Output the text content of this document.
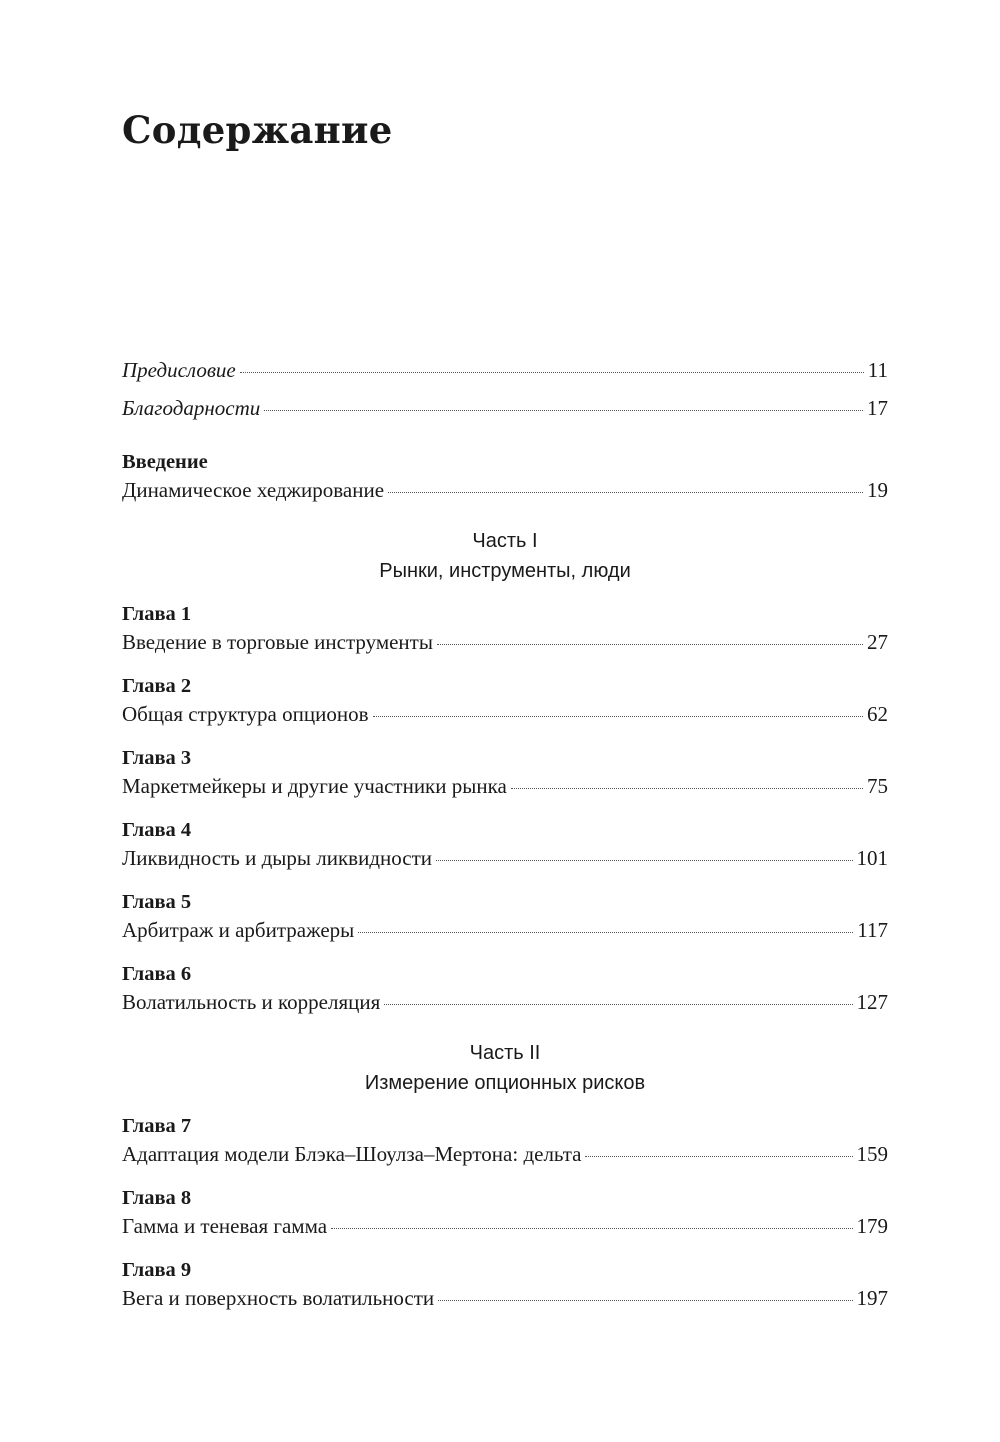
Содержание
Предисловие	11
Благодарности	17
Введение
Динамическое хеджирование	19
Часть I
Рынки, инструменты, люди
Глава 1
Введение в торговые инструменты	27
Глава 2
Общая структура опционов	62
Глава 3
Маркетмейкеры и другие участники рынка	75
Глава 4
Ликвидность и дыры ликвидности	101
Глава 5
Арбитраж и арбитражеры	117
Глава 6
Волатильность и корреляция	127
Часть II
Измерение опционных рисков
Глава 7
Адаптация модели Блэка–Шоулза–Мертона: дельта	159
Глава 8
Гамма и теневая гамма	179
Глава 9
Вега и поверхность волатильности	197
